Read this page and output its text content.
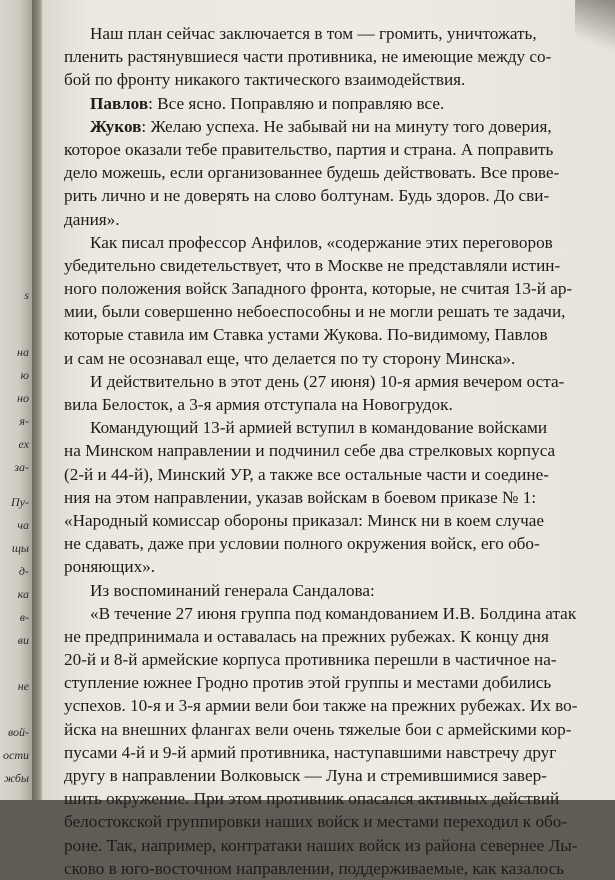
s
на
ю
но
я-
ех
за-
Пу-
ча
щы
д-
ка
в-
ви
не
вой-
ости
жбы
Наш план сейчас заключается в том — громить, уничтожать,
пленить растянувшиеся части противника, не имеющие между со-
бой по фронту никакого тактического взаимодействия.
Павлов: Все ясно. Поправляю и поправляю все.
Жуков: Желаю успеха. Не забывай ни на минуту того доверия,
которое оказали тебе правительство, партия и страна. А поправить
дело можешь, если организованнее будешь действовать. Все прове-
рить лично и не доверять на слово болтунам. Будь здоров. До сви-
дания».
Как писал профессор Анфилов, «содержание этих переговоров
убедительно свидетельствует, что в Москве не представляли истин-
ного положения войск Западного фронта, которые, не считая 13-й ар-
мии, были совершенно небоеспособны и не могли решать те задачи,
которые ставила им Ставка устами Жукова. По-видимому, Павлов
и сам не осознавал еще, что делается по ту сторону Минска».
И действительно в этот день (27 июня) 10-я армия вечером оста-
вила Белосток, а 3-я армия отступала на Новогрудок.
Командующий 13-й армией вступил в командование войсками
на Минском направлении и подчинил себе два стрелковых корпуса
(2-й и 44-й), Минский УР, а также все остальные части и соедине-
ния на этом направлении, указав войскам в боевом приказе № 1:
«Народный комиссар обороны приказал: Минск ни в коем случае
не сдавать, даже при условии полного окружения войск, его обо-
роняющих».
Из воспоминаний генерала Сандалова:
«В течение 27 июня группа под командованием И.В. Болдина атак
не предпринимала и оставалась на прежних рубежах. К концу дня
20-й и 8-й армейские корпуса противника перешли в частичное на-
ступление южнее Гродно против этой группы и местами добились
успехов. 10-я и 3-я армии вели бои также на прежних рубежах. Их во-
йска на внешних флангах вели очень тяжелые бои с армейскими кор-
пусами 4-й и 9-й армий противника, наступавшими навстречу друг
другу в направлении Волковыск — Луна и стремившимися завер-
шить окружение. При этом противник опасался активных действий
белостокской группировки наших войск и местами переходил к обо-
роне. Так, например, контратаки наших войск из района севернее Лы-
сково в юго-восточном направлении, поддерживаемые, как казалось
